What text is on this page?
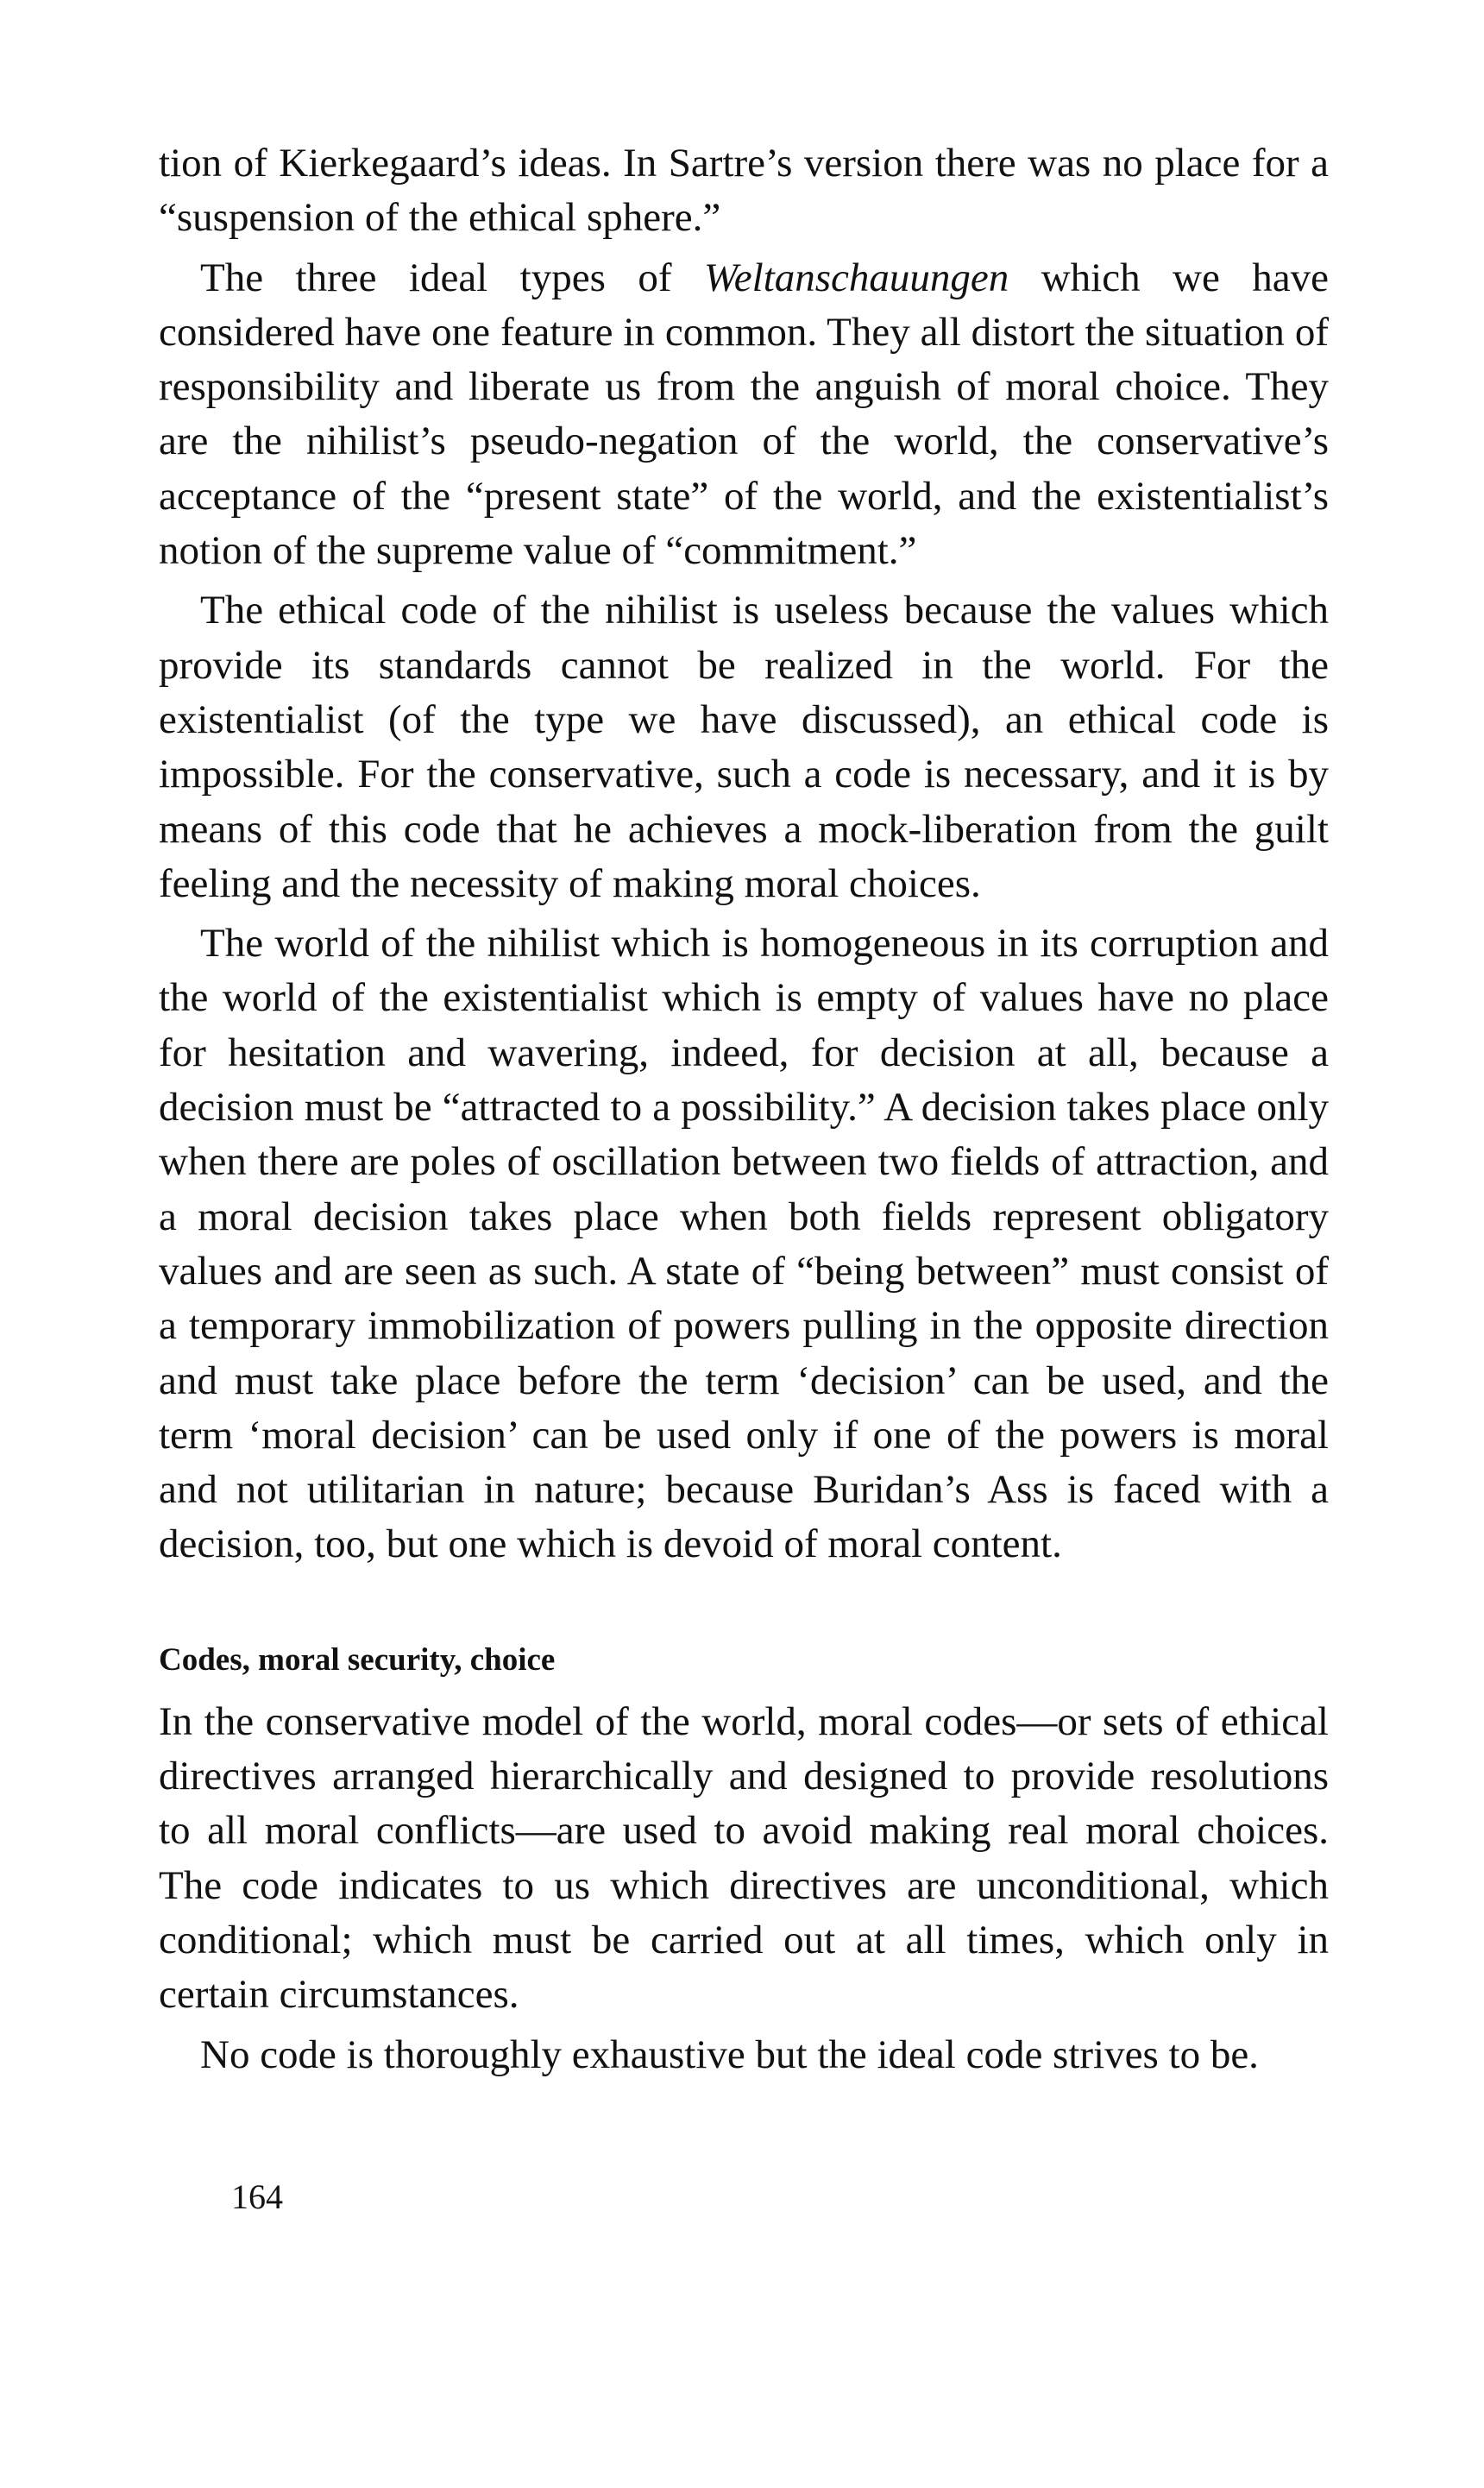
tion of Kierkegaard’s ideas. In Sartre’s version there was no place for a “suspension of the ethical sphere.”

The three ideal types of Weltanschauungen which we have considered have one feature in common. They all distort the situation of responsibility and liberate us from the anguish of moral choice. They are the nihilist’s pseudo-negation of the world, the conservative’s acceptance of the “present state” of the world, and the existentialist’s notion of the supreme value of “commitment.”

The ethical code of the nihilist is useless because the values which provide its standards cannot be realized in the world. For the existentialist (of the type we have discussed), an ethical code is impossible. For the conservative, such a code is necessary, and it is by means of this code that he achieves a mock-liberation from the guilt feeling and the necessity of making moral choices.

The world of the nihilist which is homogeneous in its corruption and the world of the existentialist which is empty of values have no place for hesitation and wavering, indeed, for decision at all, because a decision must be “attracted to a possibility.” A decision takes place only when there are poles of oscillation between two fields of attraction, and a moral decision takes place when both fields represent obligatory values and are seen as such. A state of “being between” must consist of a temporary immobilization of powers pulling in the opposite direction and must take place before the term ‘decision’ can be used, and the term ‘moral decision’ can be used only if one of the powers is moral and not utilitarian in nature; because Buridan’s Ass is faced with a decision, too, but one which is devoid of moral content.

Codes, moral security, choice

In the conservative model of the world, moral codes—or sets of ethical directives arranged hierarchically and designed to provide resolutions to all moral conflicts—are used to avoid making real moral choices. The code indicates to us which directives are unconditional, which conditional; which must be carried out at all times, which only in certain circumstances.

No code is thoroughly exhaustive but the ideal code strives to be.

164
